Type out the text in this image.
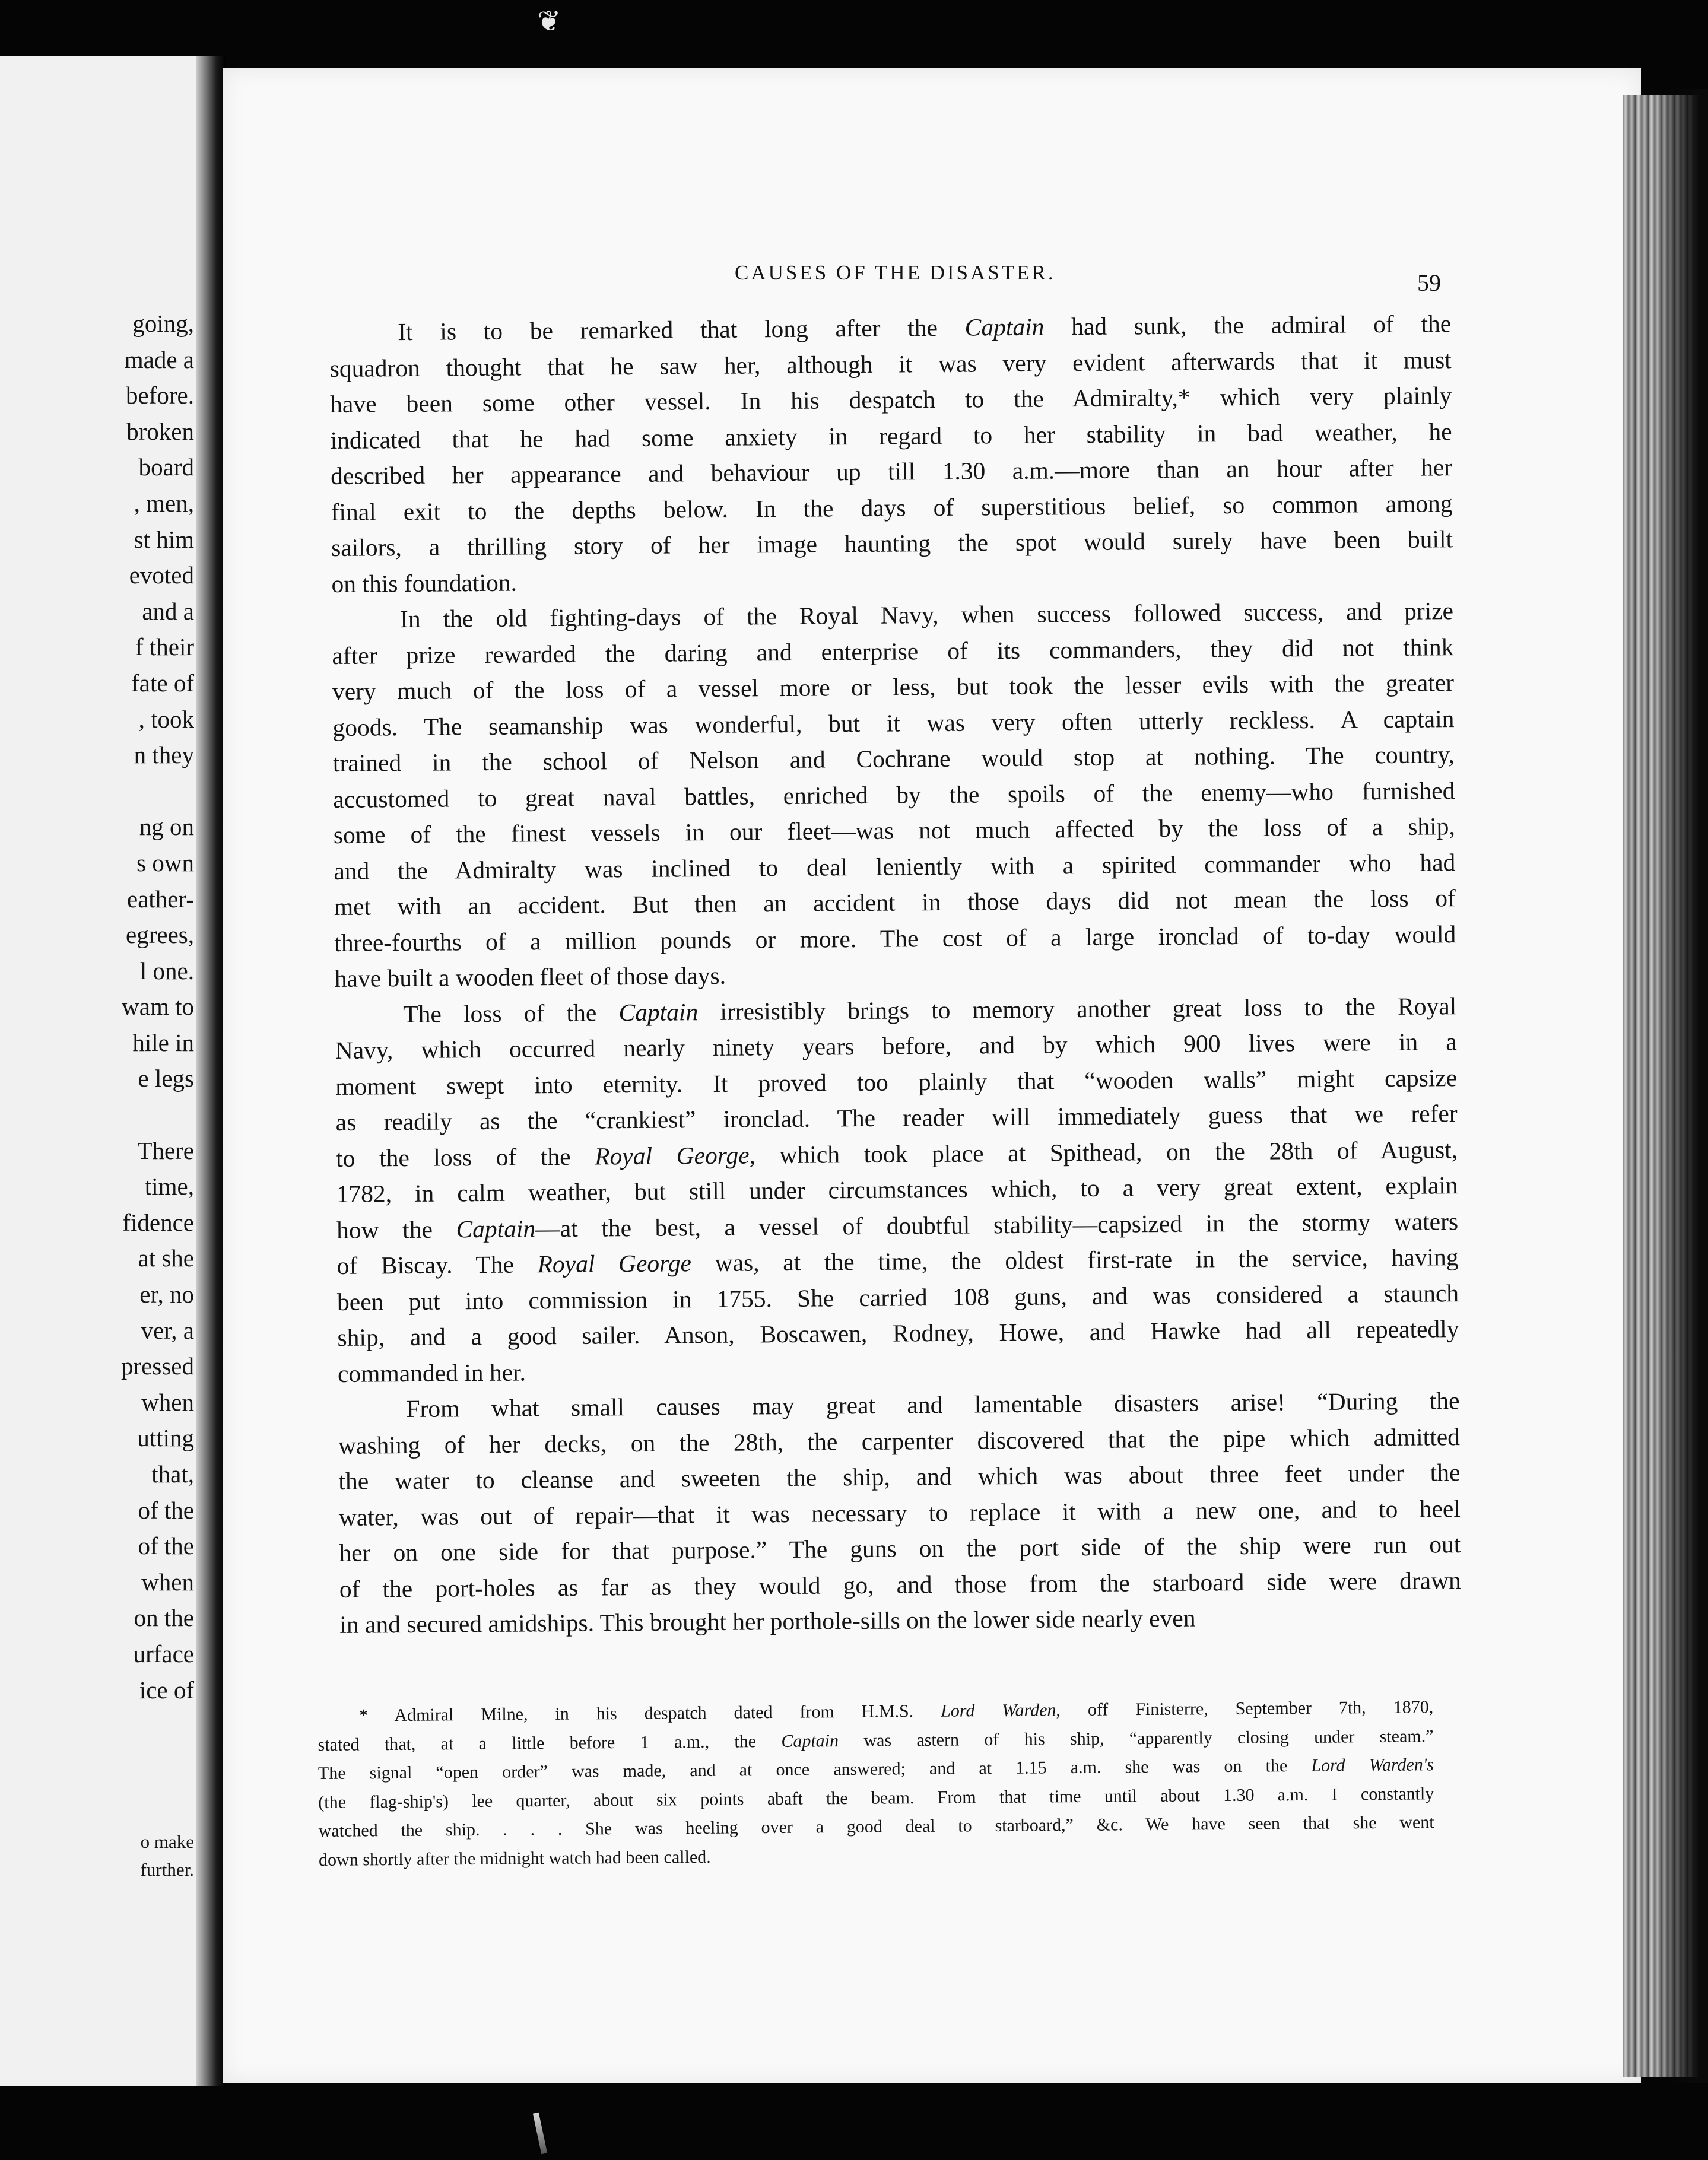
going,
made a
before.
broken
board
, men,
st him
evoted
and a
f their
fate of
, took
n they

ng on
s own
eather-
egrees,
l one.
wam to
hile in
e legs

There
time,
fidence
at she
er, no
ver, a
pressed
when
utting
that,
of the
of the
when
on the
urface
ice of
o make
further.
❦
CAUSES OF THE DISASTER.	59
It is to be remarked that long after the Captain had sunk, the admiral of the
squadron thought that he saw her, although it was very evident afterwards that it must
have been some other vessel. In his despatch to the Admiralty,* which very plainly
indicated that he had some anxiety in regard to her stability in bad weather, he
described her appearance and behaviour up till 1.30 a.m.—more than an hour after her
final exit to the depths below. In the days of superstitious belief, so common among
sailors, a thrilling story of her image haunting the spot would surely have been built
on this foundation.
In the old fighting-days of the Royal Navy, when success followed success, and prize
after prize rewarded the daring and enterprise of its commanders, they did not think
very much of the loss of a vessel more or less, but took the lesser evils with the greater
goods. The seamanship was wonderful, but it was very often utterly reckless. A captain
trained in the school of Nelson and Cochrane would stop at nothing. The country,
accustomed to great naval battles, enriched by the spoils of the enemy—who furnished
some of the finest vessels in our fleet—was not much affected by the loss of a ship,
and the Admiralty was inclined to deal leniently with a spirited commander who had
met with an accident. But then an accident in those days did not mean the loss of
three-fourths of a million pounds or more. The cost of a large ironclad of to-day would
have built a wooden fleet of those days.
The loss of the Captain irresistibly brings to memory another great loss to the Royal
Navy, which occurred nearly ninety years before, and by which 900 lives were in a
moment swept into eternity. It proved too plainly that “wooden walls” might capsize
as readily as the “crankiest” ironclad. The reader will immediately guess that we refer
to the loss of the Royal George, which took place at Spithead, on the 28th of August,
1782, in calm weather, but still under circumstances which, to a very great extent, explain
how the Captain—at the best, a vessel of doubtful stability—capsized in the stormy waters
of Biscay. The Royal George was, at the time, the oldest first-rate in the service, having
been put into commission in 1755. She carried 108 guns, and was considered a staunch
ship, and a good sailer. Anson, Boscawen, Rodney, Howe, and Hawke had all repeatedly
commanded in her.
From what small causes may great and lamentable disasters arise! “During the
washing of her decks, on the 28th, the carpenter discovered that the pipe which admitted
the water to cleanse and sweeten the ship, and which was about three feet under the
water, was out of repair—that it was necessary to replace it with a new one, and to heel
her on one side for that purpose.” The guns on the port side of the ship were run out
of the port-holes as far as they would go, and those from the starboard side were drawn
in and secured amidships. This brought her porthole-sills on the lower side nearly even
* Admiral Milne, in his despatch dated from H.M.S. Lord Warden, off Finisterre, September 7th, 1870,
stated that, at a little before 1 a.m., the Captain was astern of his ship, “apparently closing under steam.”
The signal “open order” was made, and at once answered; and at 1.15 a.m. she was on the Lord Warden's
(the flag-ship's) lee quarter, about six points abaft the beam. From that time until about 1.30 a.m. I constantly
watched the ship. . . . She was heeling over a good deal to starboard,” &c. We have seen that she went
down shortly after the midnight watch had been called.
